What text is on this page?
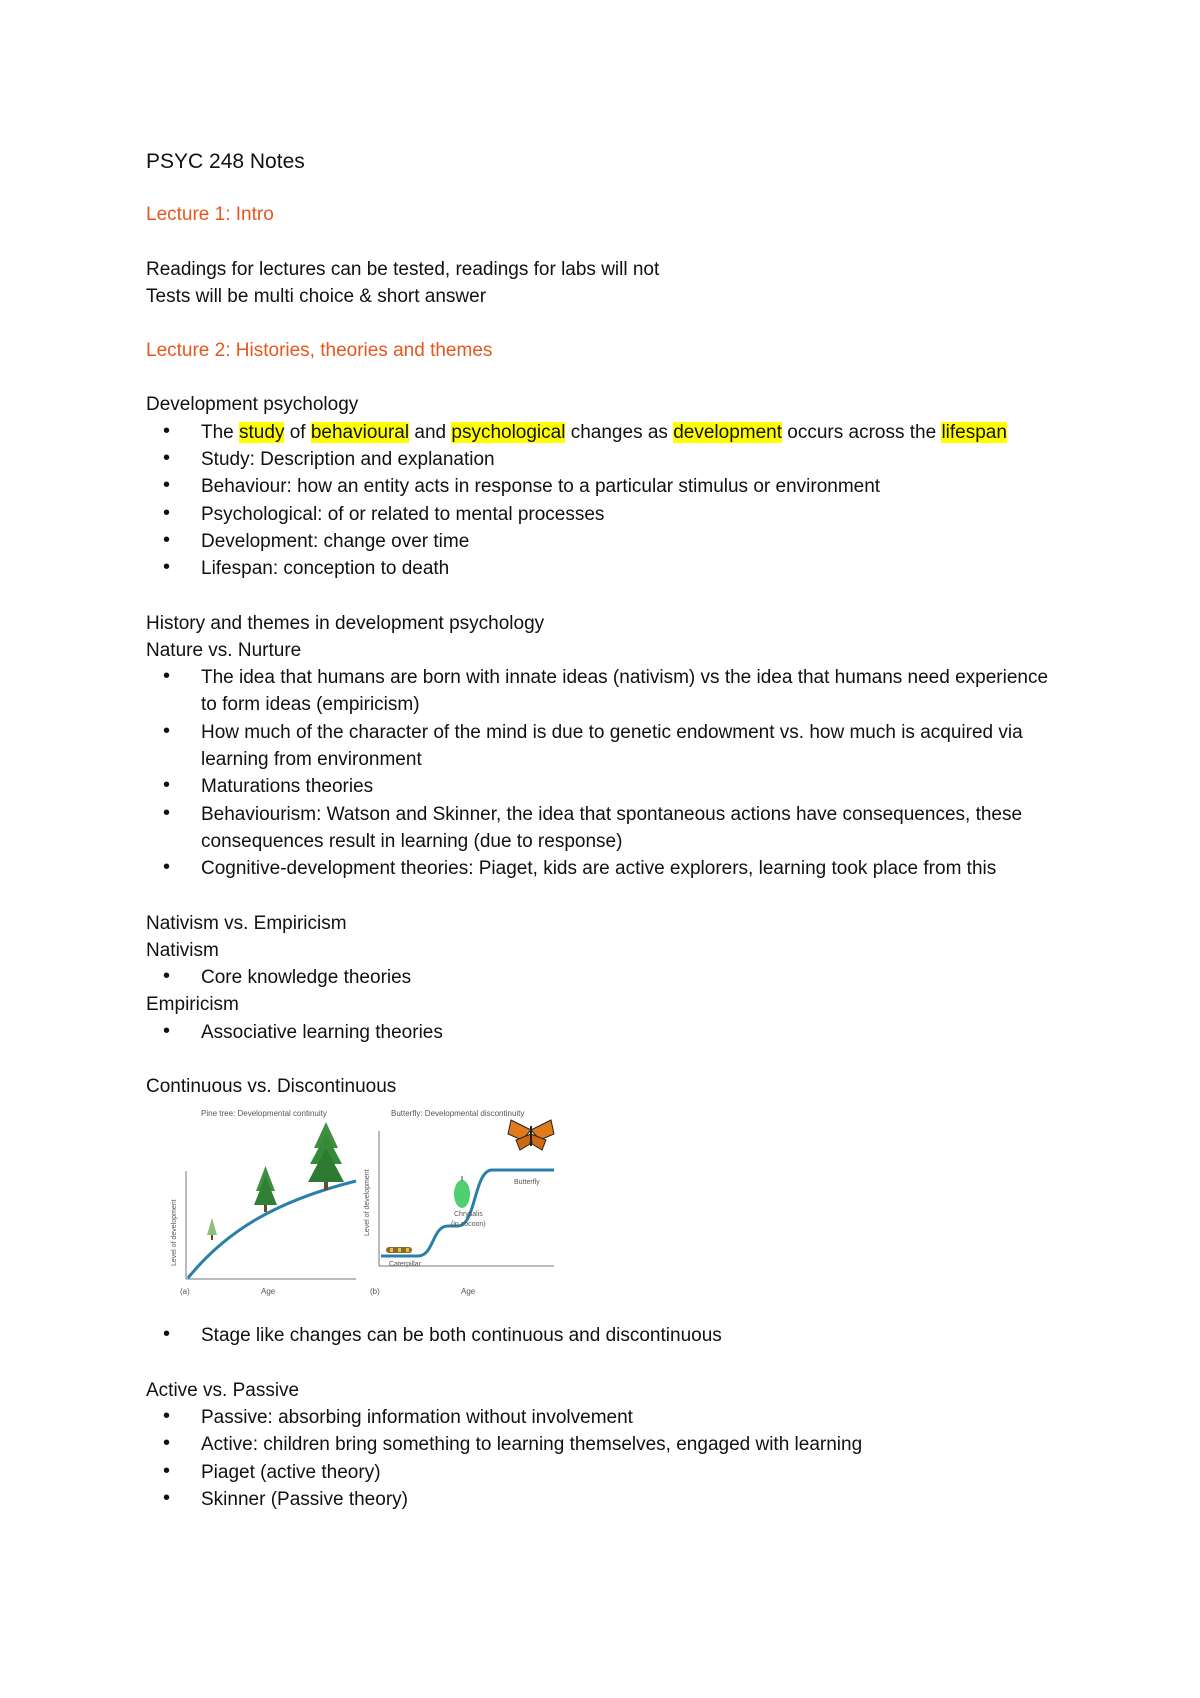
PSYC 248 Notes

Lecture 1: Intro

Readings for lectures can be tested, readings for labs will not

Tests will be multi choice & short answer

Lecture 2: Histories, theories and themes

Development psychology

• The study of behavioural and psychological changes as development occurs across the lifespan
• Study: Description and explanation
• Behaviour: how an entity acts in response to a particular stimulus or environment
• Psychological: of or related to mental processes
• Development: change over time
• Lifespan: conception to death

History and themes in development psychology

Nature vs. Nurture

• The idea that humans are born with innate ideas (nativism) vs the idea that humans need experience to form ideas (empiricism)
• How much of the character of the mind is due to genetic endowment vs. how much is acquired via learning from environment
• Maturations theories
• Behaviourism: Watson and Skinner, the idea that spontaneous actions have consequences, these consequences result in learning (due to response)
• Cognitive-development theories: Piaget, kids are active explorers, learning took place from this

Nativism vs. Empiricism

Nativism

• Core knowledge theories

Empiricism

• Associative learning theories

Continuous vs. Discontinuous

Pine tree: Developmental continuity
Level of development
Age
(a)
Butterfly: Developmental discontinuity
Level of development
Age
(b)
Butterfly
Chrysalis
(in cocoon)
Caterpillar
• Stage like changes can be both continuous and discontinuous

Active vs. Passive

• Passive: absorbing information without involvement
• Active: children bring something to learning themselves, engaged with learning
• Piaget (active theory)
• Skinner (Passive theory)
